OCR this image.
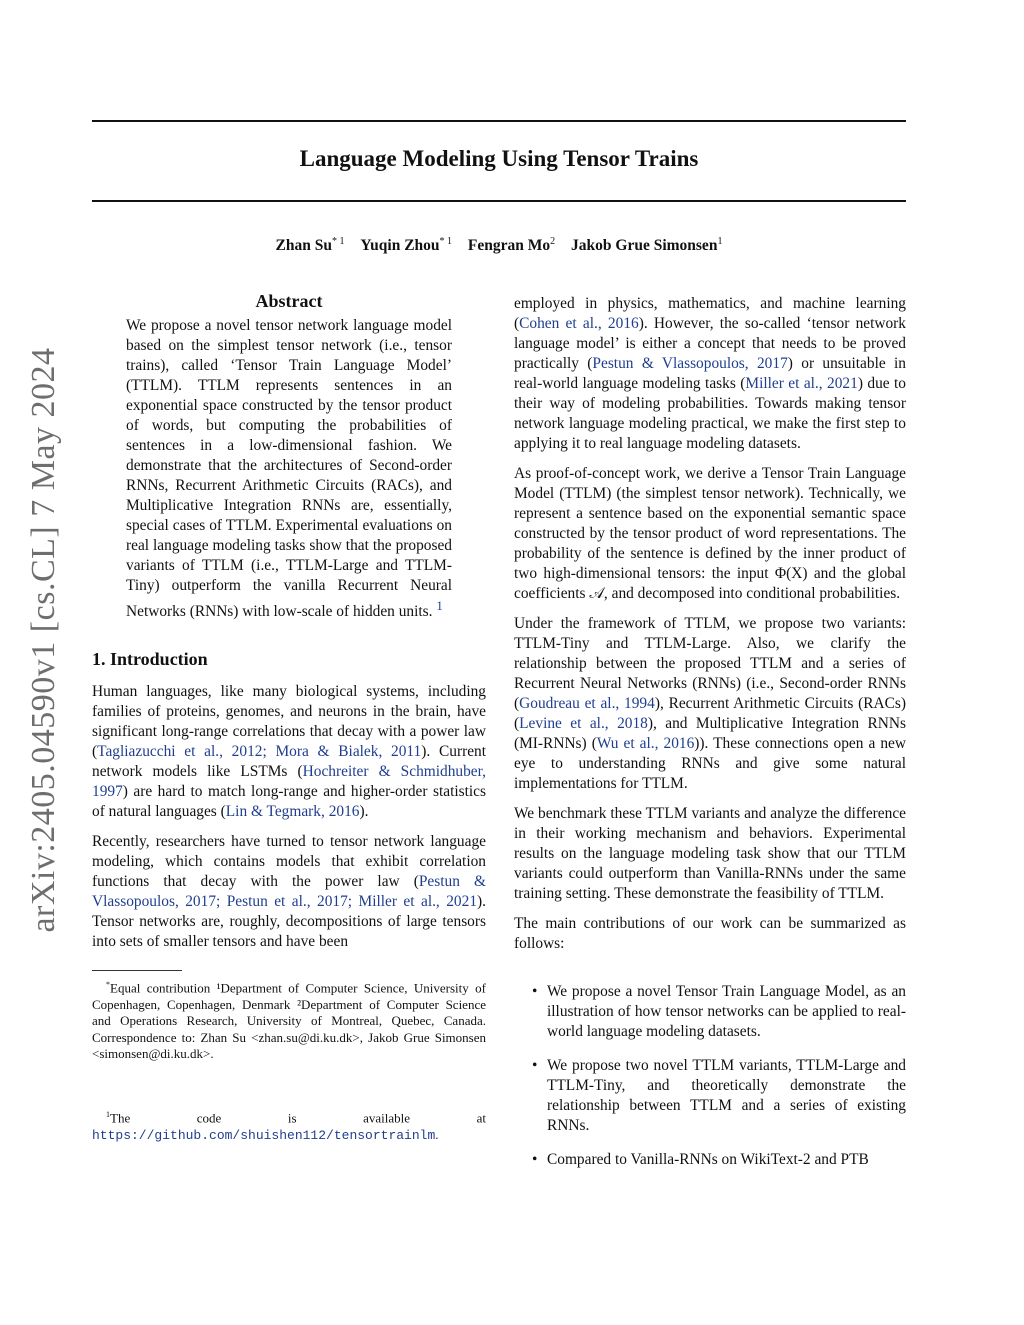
Language Modeling Using Tensor Trains
Zhan Su$^{* 1}$ Yuqin Zhou$^{* 1}$ Fengran Mo$^2$ Jakob Grue Simonsen$^1$
arXiv:2405.04590v1 [cs.CL] 7 May 2024
Abstract
We propose a novel tensor network language model based on the simplest tensor network (i.e., tensor trains), called ‘Tensor Train Language Model’ (TTLM). TTLM represents sentences in an exponential space constructed by the tensor product of words, but computing the probabilities of sentences in a low-dimensional fashion. We demonstrate that the architectures of Second-order RNNs, Recurrent Arithmetic Circuits (RACs), and Multiplicative Integration RNNs are, essentially, special cases of TTLM. Experimental evaluations on real language modeling tasks show that the proposed variants of TTLM (i.e., TTLM-Large and TTLM-Tiny) outperform the vanilla Recurrent Neural Networks (RNNs) with low-scale of hidden units. $^1$
1. Introduction

Human languages, like many biological systems, including families of proteins, genomes, and neurons in the brain, have significant long-range correlations that decay with a power law (Tagliazucchi et al., 2012; Mora & Bialek, 2011). Current network models like LSTMs (Hochreiter & Schmidhuber, 1997) are hard to match long-range and higher-order statistics of natural languages (Lin & Tegmark, 2016).

Recently, researchers have turned to tensor network language modeling, which contains models that exhibit correlation functions that decay with the power law (Pestun & Vlassopoulos, 2017; Pestun et al., 2017; Miller et al., 2021). Tensor networks are, roughly, decompositions of large tensors into sets of smaller tensors and have been

*Equal contribution ¹Department of Computer Science, University of Copenhagen, Copenhagen, Denmark ²Department of Computer Science and Operations Research, University of Montreal, Quebec, Canada. Correspondence to: Zhan Su <zhan.su@di.ku.dk>, Jakob Grue Simonsen <simonsen@di.ku.dk>.

$^1$The code is available at https://github.com/shuishen112/tensortrainlm.

employed in physics, mathematics, and machine learning (Cohen et al., 2016). However, the so-called ‘tensor network language model’ is either a concept that needs to be proved practically (Pestun & Vlassopoulos, 2017) or unsuitable in real-world language modeling tasks (Miller et al., 2021) due to their way of modeling probabilities. Towards making tensor network language modeling practical, we make the first step to applying it to real language modeling datasets.

As proof-of-concept work, we derive a Tensor Train Language Model (TTLM) (the simplest tensor network). Technically, we represent a sentence based on the exponential semantic space constructed by the tensor product of word representations. The probability of the sentence is defined by the inner product of two high-dimensional tensors: the input Φ(X) and the global coefficients 𝒜, and decomposed into conditional probabilities.

Under the framework of TTLM, we propose two variants: TTLM-Tiny and TTLM-Large. Also, we clarify the relationship between the proposed TTLM and a series of Recurrent Neural Networks (RNNs) (i.e., Second-order RNNs (Goudreau et al., 1994), Recurrent Arithmetic Circuits (RACs) (Levine et al., 2018), and Multiplicative Integration RNNs (MI-RNNs) (Wu et al., 2016)). These connections open a new eye to understanding RNNs and give some natural implementations for TTLM.

We benchmark these TTLM variants and analyze the difference in their working mechanism and behaviors. Experimental results on the language modeling task show that our TTLM variants could outperform than Vanilla-RNNs under the same training setting. These demonstrate the feasibility of TTLM.

The main contributions of our work can be summarized as follows:

• We propose a novel Tensor Train Language Model, as an illustration of how tensor networks can be applied to real-world language modeling datasets.
• We propose two novel TTLM variants, TTLM-Large and TTLM-Tiny, and theoretically demonstrate the relationship between TTLM and a series of existing RNNs.
• Compared to Vanilla-RNNs on WikiText-2 and PTB
